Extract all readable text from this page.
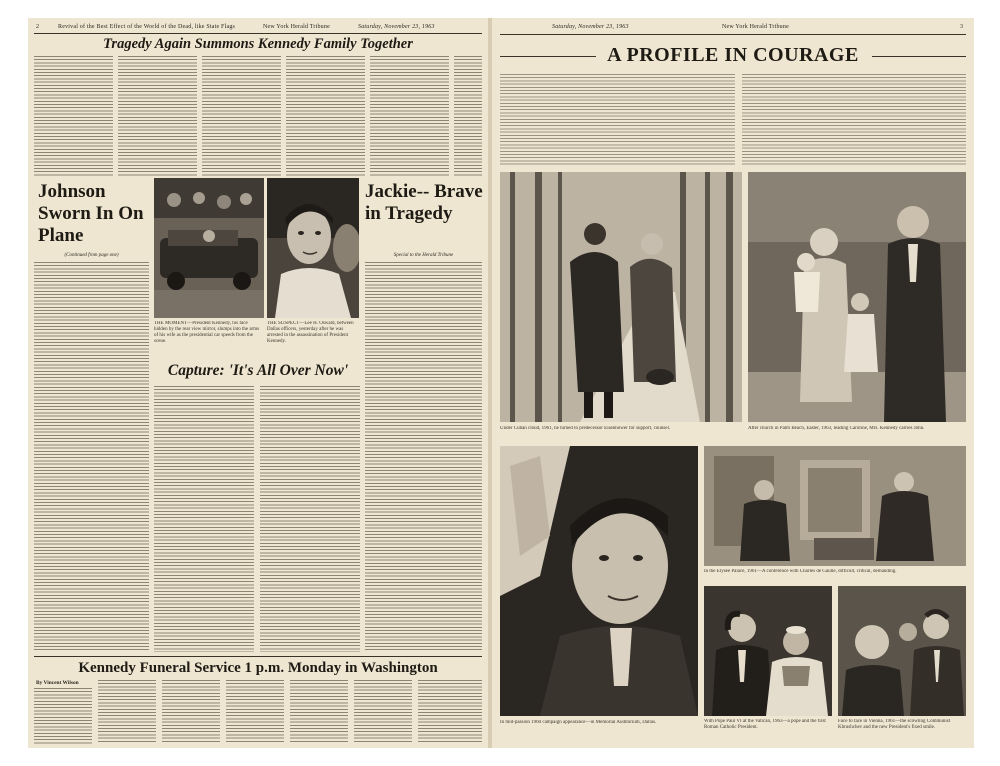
2	Revival of the Best Effect of the World of the Dead, like State Flags	New York Herald Tribune	Saturday, November 23, 1963
Tragedy Again Summons Kennedy Family Together
Johnson Sworn In On Plane
(Continued from page one)
THE MOMENT—President Kennedy, his face hidden by the rear view mirror, slumps into the arms of his wife as the presidential car speeds from the scene.
THE SUSPECT—Lee H. Oswald, between Dallas officers, yesterday after he was arrested in the assassination of President Kennedy.
Jackie-- Brave in Tragedy
Special to the Herald Tribune
Capture: 'It's All Over Now'
Kennedy Funeral Service 1 p.m. Monday in Washington
By Vincent Wilson
Saturday, November 23, 1963	New York Herald Tribune	3
A PROFILE IN COURAGE
Under Cuban cloud, 1961, he turned to predecessor Eisenhower for support, counsel.	After church in Palm Beach, Easter, 1963, leading Caroline, Mrs. Kennedy carries John.
In mid-passion 1960 campaign appearance—in Memorial Auditorium, Dallas.
In the Elysee Palace, 1961—A conference with Charles de Gaulle, difficult, critical, demanding.
With Pope Paul VI at the Vatican, 1963—a pope and the first Roman Catholic President.
Face to face in Vienna, 1961—the scowling Communist Khrushchev and the new President's fixed smile.
